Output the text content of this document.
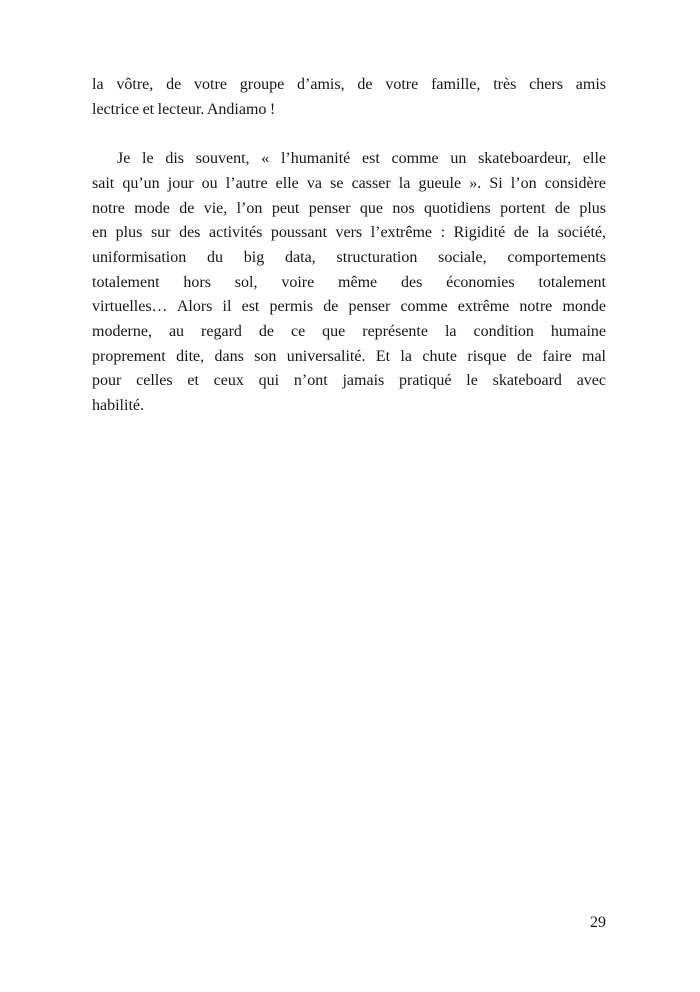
la vôtre, de votre groupe d’amis, de votre famille, très chers amis
lectrice et lecteur. Andiamo !
Je le dis souvent, « l’humanité est comme un skateboardeur, elle
sait qu’un jour ou l’autre elle va se casser la gueule ». Si l’on considère
notre mode de vie, l’on peut penser que nos quotidiens portent de plus
en plus sur des activités poussant vers l’extrême : Rigidité de la société,
uniformisation du big data, structuration sociale, comportements
totalement hors sol, voire même des économies totalement
virtuelles… Alors il est permis de penser comme extrême notre monde
moderne, au regard de ce que représente la condition humaine
proprement dite, dans son universalité. Et la chute risque de faire mal
pour celles et ceux qui n’ont jamais pratiqué le skateboard avec
habilité.
29
